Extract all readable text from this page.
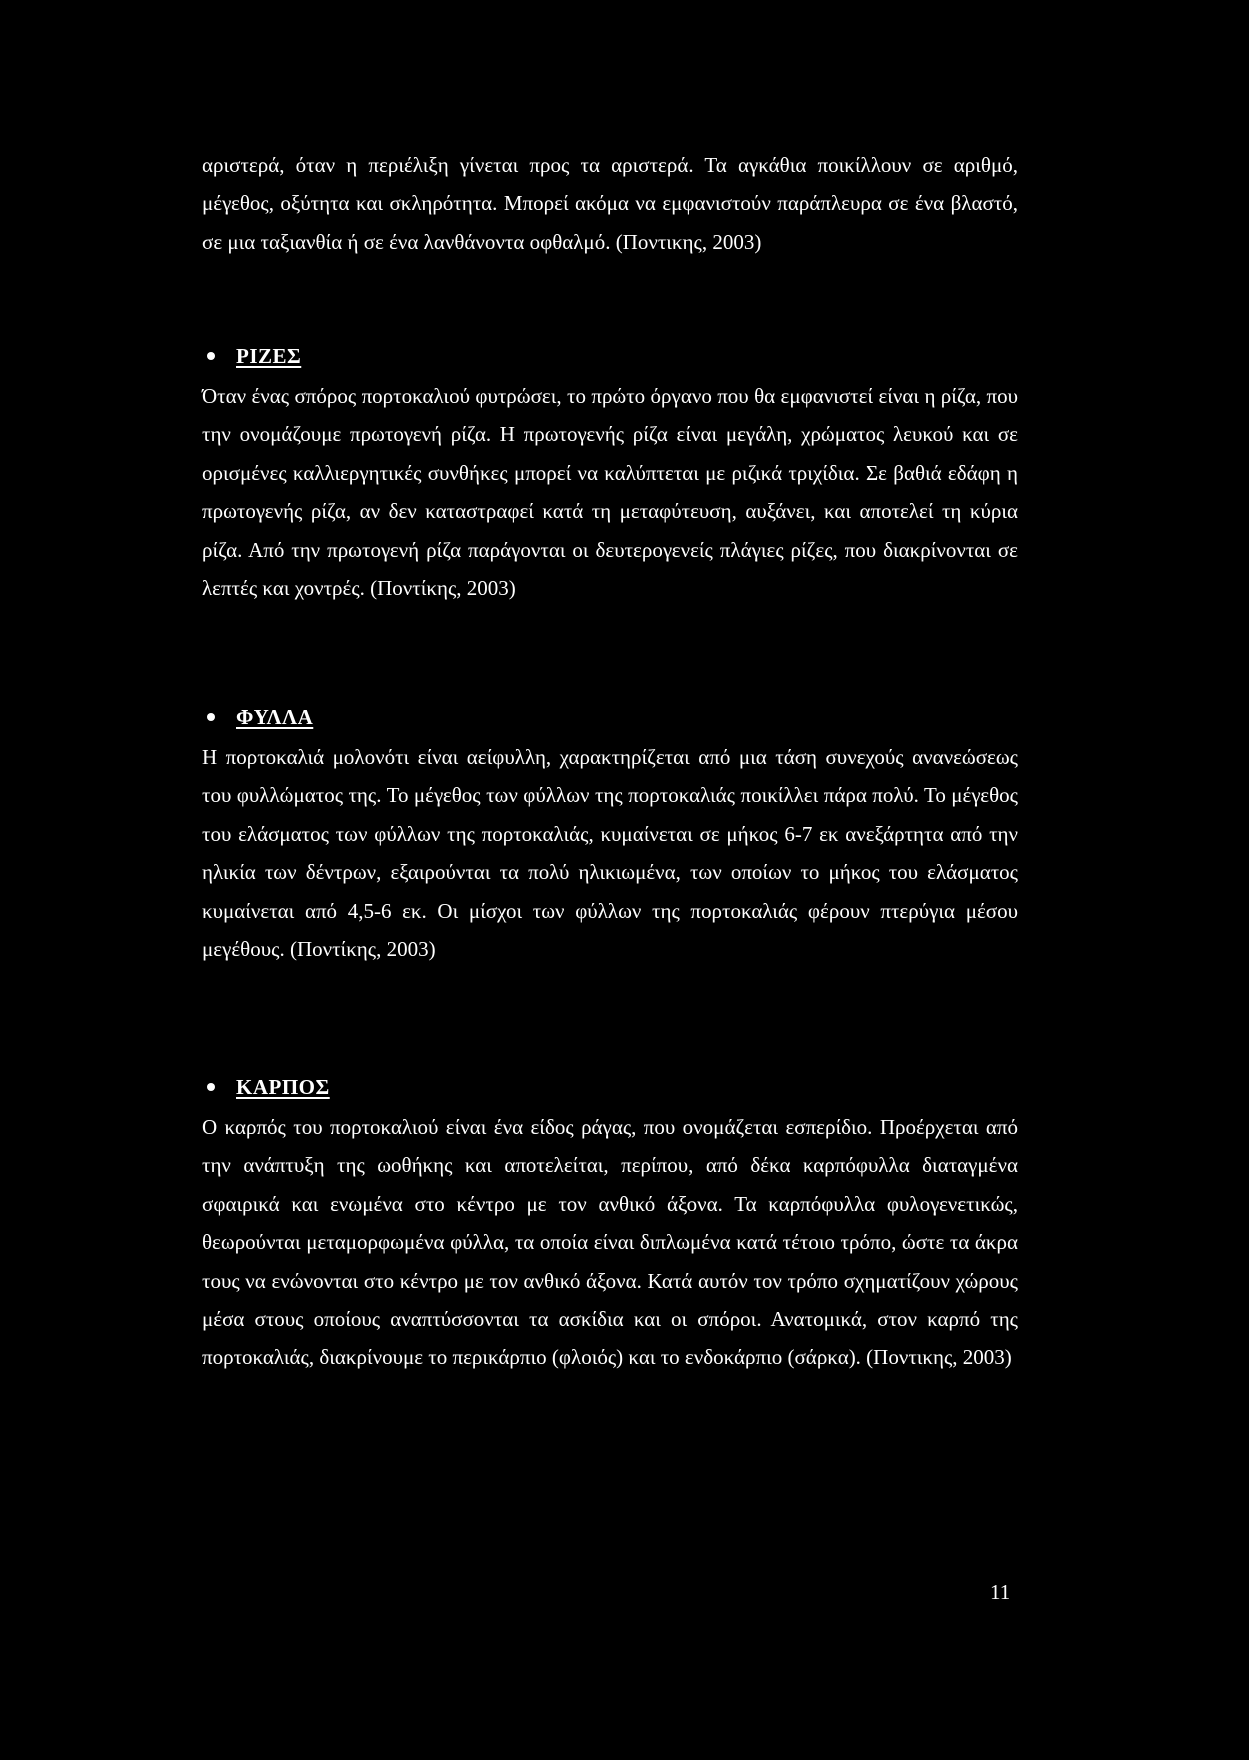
αριστερά, όταν η περιέλιξη γίνεται προς τα αριστερά. Τα αγκάθια ποικίλλουν σε αριθμό, μέγεθος, οξύτητα και σκληρότητα. Μπορεί ακόμα να εμφανιστούν παράπλευρα σε ένα βλαστό, σε μια ταξιανθία ή σε ένα λανθάνοντα οφθαλμό. (Ποντικης, 2003)

ΡΙΖΕΣ

Όταν ένας σπόρος πορτοκαλιού φυτρώσει, το πρώτο όργανο που θα εμφανιστεί είναι η ρίζα, που την ονομάζουμε πρωτογενή ρίζα. Η πρωτογενής ρίζα είναι μεγάλη, χρώματος λευκού και σε ορισμένες καλλιεργητικές συνθήκες μπορεί να καλύπτεται με ριζικά τριχίδια. Σε βαθιά εδάφη η πρωτογενής ρίζα, αν δεν καταστραφεί κατά τη μεταφύτευση, αυξάνει, και αποτελεί τη κύρια ρίζα. Από την πρωτογενή ρίζα παράγονται οι δευτερογενείς πλάγιες ρίζες, που διακρίνονται σε λεπτές και χοντρές. (Ποντίκης, 2003)

ΦΥΛΛΑ

Η πορτοκαλιά μολονότι είναι αείφυλλη, χαρακτηρίζεται από μια τάση συνεχούς ανανεώσεως του φυλλώματος της. Το μέγεθος των φύλλων της πορτοκαλιάς ποικίλλει πάρα πολύ. Το μέγεθος του ελάσματος των φύλλων της πορτοκαλιάς, κυμαίνεται σε μήκος 6-7 εκ ανεξάρτητα από την ηλικία των δέντρων, εξαιρούνται τα πολύ ηλικιωμένα, των οποίων το μήκος του ελάσματος κυμαίνεται από 4,5-6 εκ. Οι μίσχοι των φύλλων της πορτοκαλιάς φέρουν πτερύγια μέσου μεγέθους. (Ποντίκης, 2003)

ΚΑΡΠΟΣ

Ο καρπός του πορτοκαλιού είναι ένα είδος ράγας, που ονομάζεται εσπερίδιο. Προέρχεται από την ανάπτυξη της ωοθήκης και αποτελείται, περίπου, από δέκα καρπόφυλλα διαταγμένα σφαιρικά και ενωμένα στο κέντρο με τον ανθικό άξονα. Τα καρπόφυλλα φυλογενετικώς, θεωρούνται μεταμορφωμένα φύλλα, τα οποία είναι διπλωμένα κατά τέτοιο τρόπο, ώστε τα άκρα τους να ενώνονται στο κέντρο με τον ανθικό άξονα. Κατά αυτόν τον τρόπο σχηματίζουν χώρους μέσα στους οποίους αναπτύσσονται τα ασκίδια και οι σπόροι. Ανατομικά, στον καρπό της πορτοκαλιάς, διακρίνουμε το περικάρπιο (φλοιός) και το ενδοκάρπιο (σάρκα). (Ποντικης, 2003)

11
